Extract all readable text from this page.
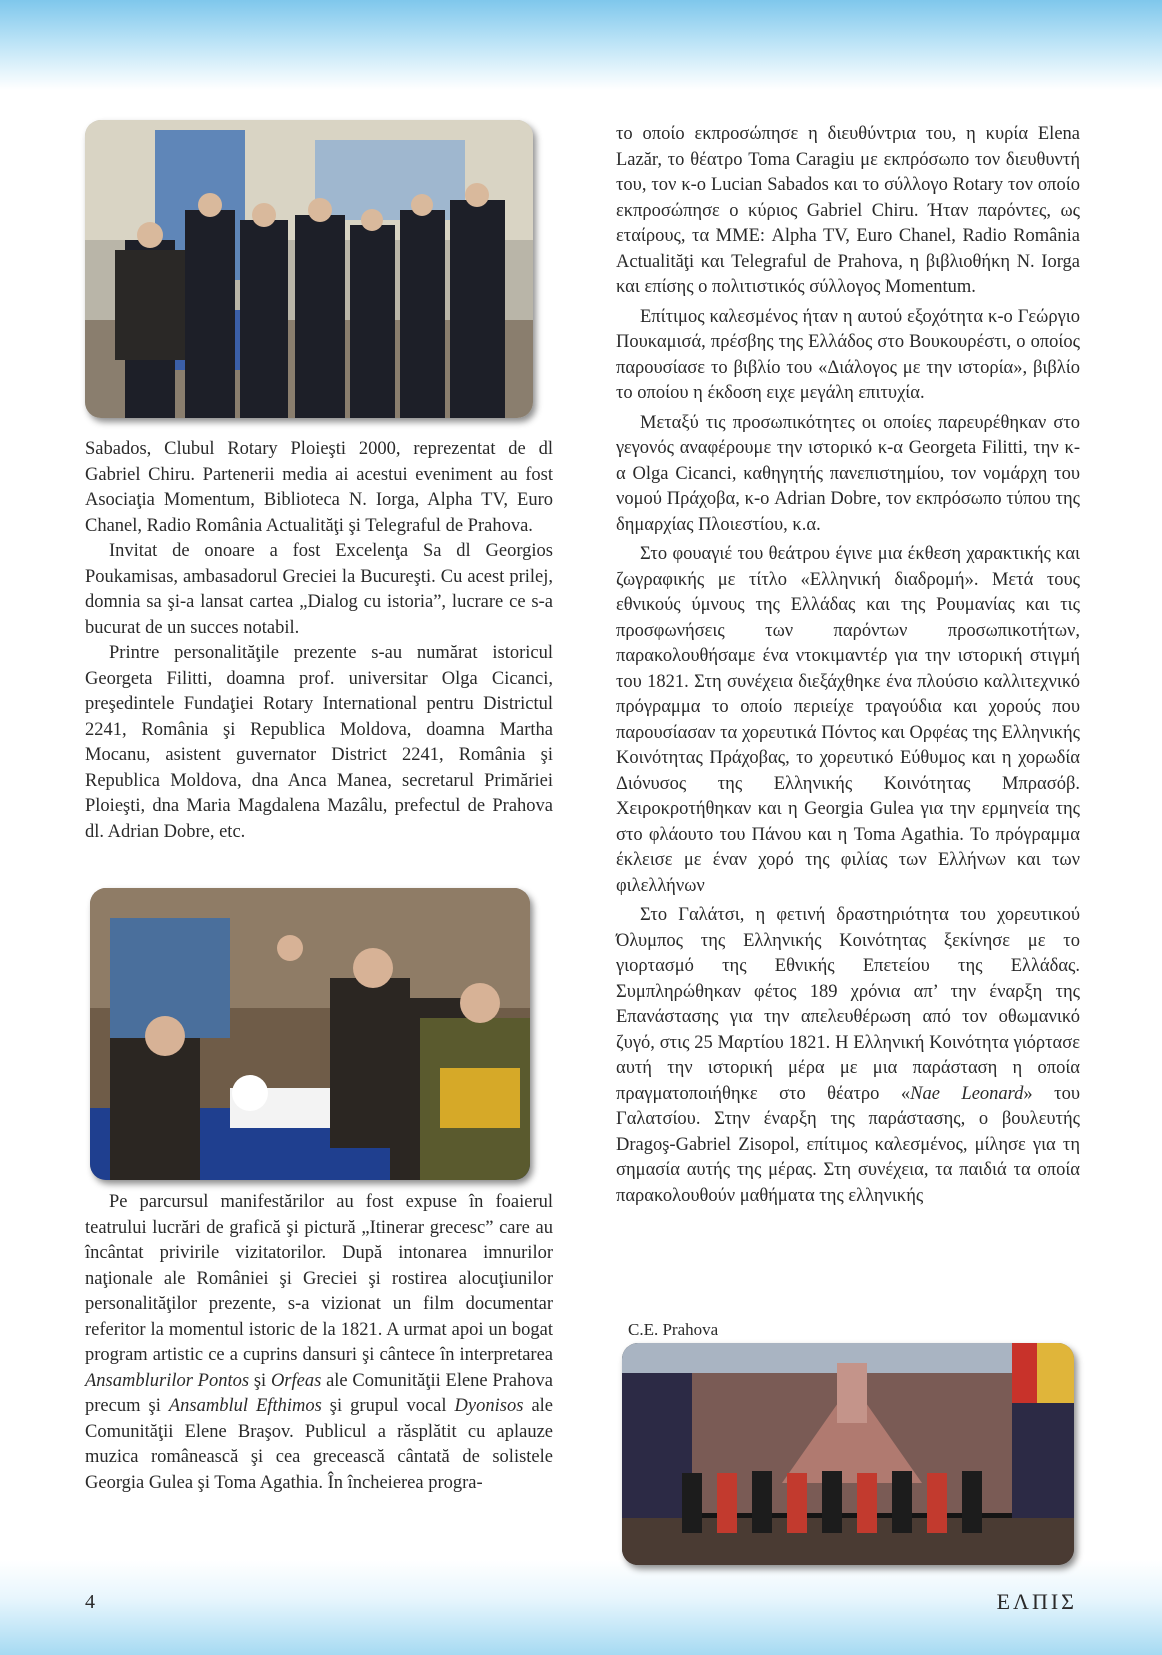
Sabados, Clubul Rotary Ploieşti 2000, reprezentat de dl Gabriel Chiru. Partenerii media ai acestui eveniment au fost Asociaţia Momentum, Biblioteca N. Iorga, Alpha TV, Euro Chanel, Radio România Actualităţi şi Telegraful de Prahova.

Invitat de onoare a fost Excelenţa Sa dl Georgios Poukamisas, ambasadorul Greciei la Bucureşti. Cu acest prilej, domnia sa şi-a lansat cartea „Dialog cu istoria”, lucrare ce s-a bucurat de un succes notabil.

Printre personalităţile prezente s-au numărat istoricul Georgeta Filitti, doamna prof. universitar Olga Cicanci, preşedintele Fundaţiei Rotary International pentru Districtul 2241, România şi Republica Moldova, doamna Martha Mocanu, asistent guvernator District 2241, România şi Republica Moldova, dna Anca Manea, secretarul Primăriei Ploieşti, dna Maria Magdalena Mazâlu, prefectul de Prahova dl. Adrian Dobre, etc.

Pe parcursul manifestărilor au fost expuse în foaierul teatrului lucrări de grafică şi pictură „Itinerar grecesc” care au încântat privirile vizitatorilor. După intonarea imnurilor naţionale ale României şi Greciei şi rostirea alocuţiunilor personalităţilor prezente, s-a vizionat un film documentar referitor la momentul istoric de la 1821. A urmat apoi un bogat program artistic ce a cuprins dansuri şi cântece în interpretarea Ansamblurilor Pontos şi Orfeas ale Comunităţii Elene Prahova precum şi Ansamblul Efthimos şi grupul vocal Dyonisos ale Comunităţii Elene Braşov. Publicul a răsplătit cu aplauze muzica românească şi cea grecească cântată de solistele Georgia Gulea şi Toma Agathia. În încheierea progra-

το οποίο εκπροσώπησε η διευθύντρια του, η κυρία Elena Lazăr, το θέατρο Toma Caragiu με εκπρόσωπο τον διευθυντή του, τον κ-ο Lucian Sabados και το σύλλογο Rotary τον οποίο εκπροσώπησε ο κύριος Gabriel Chiru. Ήταν παρόντες, ως εταίρους, τα ΜΜΕ: Alpha TV, Euro Chanel, Radio România Actualităţi και Telegraful de Prahova, η βιβλιοθήκη N. Iorga και επίσης ο πολιτιστικός σύλλογος Momentum.

Επίτιμος καλεσμένος ήταν η αυτού εξοχότητα κ-ο Γεώργιο Πουκαμισά, πρέσβης της Ελλάδος στο Βουκουρέστι, ο οποίος παρουσίασε το βιβλίο του «Διάλογος με την ιστορία», βιβλίο το οποίου η έκδοση ειχε μεγάλη επιτυχία.

Μεταξύ τις προσωπικότητες οι οποίες παρευρέθηκαν στο γεγονός αναφέρουμε την ιστορικό κ-α Georgeta Filitti, την κ-α Olga Cicanci, καθηγητής πανεπιστημίου, τον νομάρχη του νομού Πράχοβα, κ-ο Adrian Dobre, τον εκπρόσωπο τύπου της δημαρχίας Πλοιεστίου, κ.α.

Στο φουαγιέ του θεάτρου έγινε μια έκθεση χαρακτικής και ζωγραφικής με τίτλο «Ελληνική διαδρομή». Μετά τους εθνικούς ύμνους της Ελλάδας και της Ρουμανίας και τις προσφωνήσεις των παρόντων προσωπικοτήτων, παρακολουθήσαμε ένα ντοκιμαντέρ για την ιστορική στιγμή του 1821. Στη συνέχεια διεξάχθηκε ένα πλούσιο καλλιτεχνικό πρόγραμμα το οποίο περιείχε τραγούδια και χορούς που παρουσίασαν τα χορευτικά Πόντος και Ορφέας της Ελληνικής Κοινότητας Πράχοβας, το χορευτικό Εύθυμος και η χορωδία Διόνυσος της Ελληνικής Κοινότητας Μπρασόβ. Χειροκροτήθηκαν και η Georgia Gulea για την ερμηνεία της στο φλάουτο του Πάνου και η Toma Agathia. Το πρόγραμμα έκλεισε με έναν χορό της φιλίας των Ελλήνων και των φιλελλήνων

Στο Γαλάτσι, η φετινή δραστηριότητα του χορευτικού Όλυμπος της Ελληνικής Κοινότητας ξεκίνησε με το γιορτασμό της Εθνικής Επετείου της Ελλάδας. Συμπληρώθηκαν φέτος 189 χρόνια απ’ την έναρξη της Επανάστασης για την απελευθέρωση από τον οθωμανικό ζυγό, στις 25 Μαρτίου 1821. Η Ελληνική Κοινότητα γιόρτασε αυτή την ιστορική μέρα με μια παράσταση η οποία πραγματοποιήθηκε στο θέατρο «Nae Leonard» του Γαλατσίου. Στην έναρξη της παράστασης, ο βουλευτής Dragoş-Gabriel Zisopol, επίτιμος καλεσμένος, μίλησε για τη σημασία αυτής της μέρας. Στη συνέχεια, τα παιδιά τα οποία παρακολουθούν μαθήματα της ελληνικής

C.E. Prahova
4	ΕΛΠΙΣ
